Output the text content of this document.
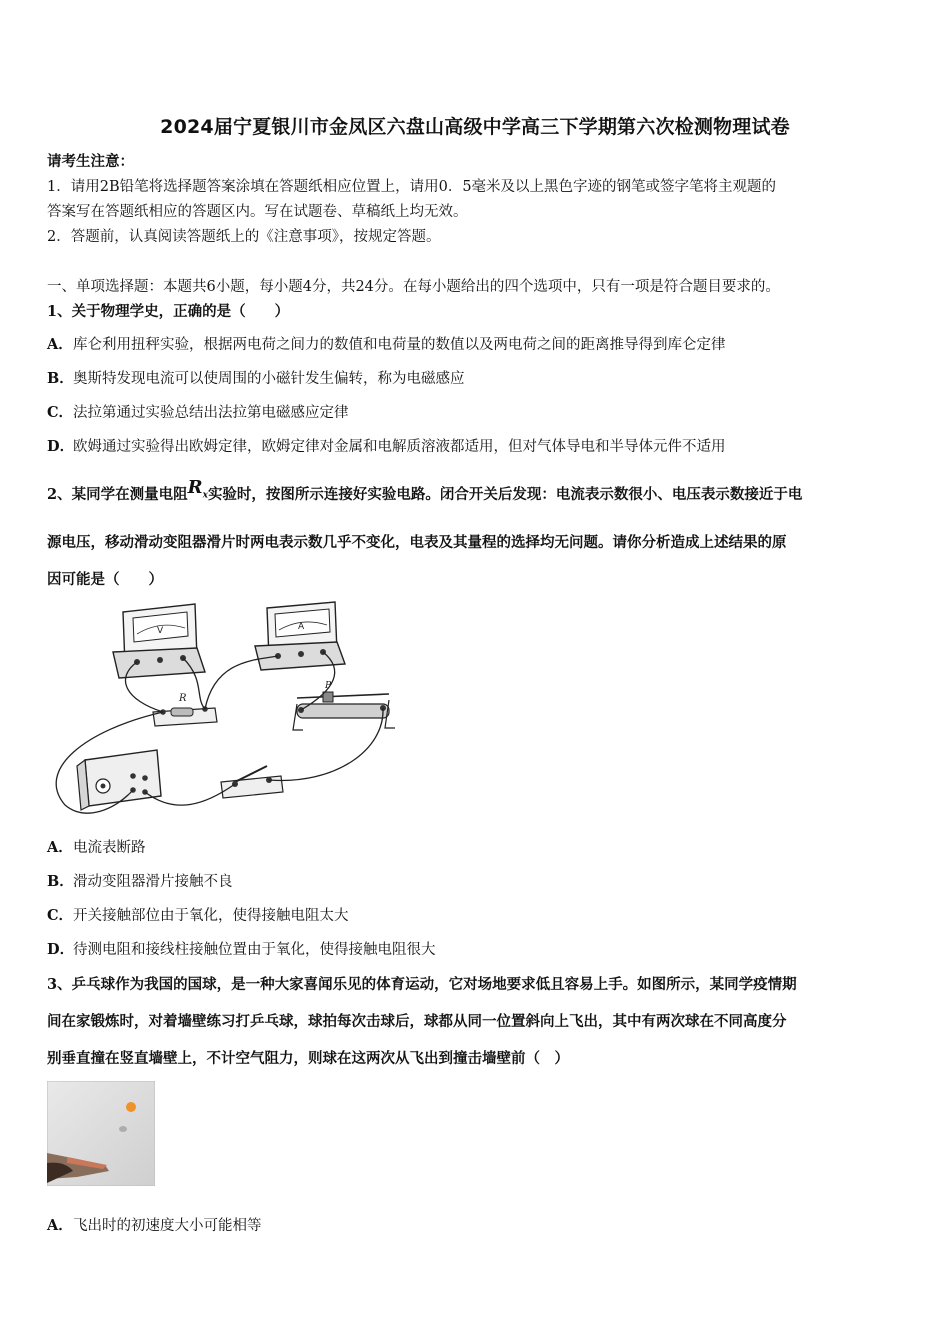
2024届宁夏银川市金凤区六盘山高级中学高三下学期第六次检测物理试卷
请考生注意：
1．请用2B铅笔将选择题答案涂填在答题纸相应位置上，请用0．5毫米及以上黑色字迹的钢笔或签字笔将主观题的
答案写在答题纸相应的答题区内。写在试题卷、草稿纸上均无效。
2．答题前，认真阅读答题纸上的《注意事项》，按规定答题。
一、单项选择题：本题共6小题，每小题4分，共24分。在每小题给出的四个选项中，只有一项是符合题目要求的。
1、关于物理学史，正确的是（　　）
A．库仑利用扭秤实验，根据两电荷之间力的数值和电荷量的数值以及两电荷之间的距离推导得到库仑定律
B．奥斯特发现电流可以使周围的小磁针发生偏转，称为电磁感应
C．法拉第通过实验总结出法拉第电磁感应定律
D．欧姆通过实验得出欧姆定律，欧姆定律对金属和电解质溶液都适用，但对气体导电和半导体元件不适用
2、某同学在测量电阻$R_x$实验时，按图所示连接好实验电路。闭合开关后发现：电流表示数很小、电压表示数接近于电
源电压，移动滑动变阻器滑片时两电表示数几乎不变化，电表及其量程的选择均无问题。请你分析造成上述结果的原
因可能是（　　）
V	A
R
P
A．电流表断路
B．滑动变阻器滑片接触不良
C．开关接触部位由于氧化，使得接触电阻太大
D．待测电阻和接线柱接触位置由于氧化，使得接触电阻很大
3、乒乓球作为我国的国球，是一种大家喜闻乐见的体育运动，它对场地要求低且容易上手。如图所示，某同学疫情期
间在家锻炼时，对着墙壁练习打乒乓球，球拍每次击球后，球都从同一位置斜向上飞出，其中有两次球在不同高度分
别垂直撞在竖直墙壁上，不计空气阻力，则球在这两次从飞出到撞击墙壁前（　）
A．飞出时的初速度大小可能相等
